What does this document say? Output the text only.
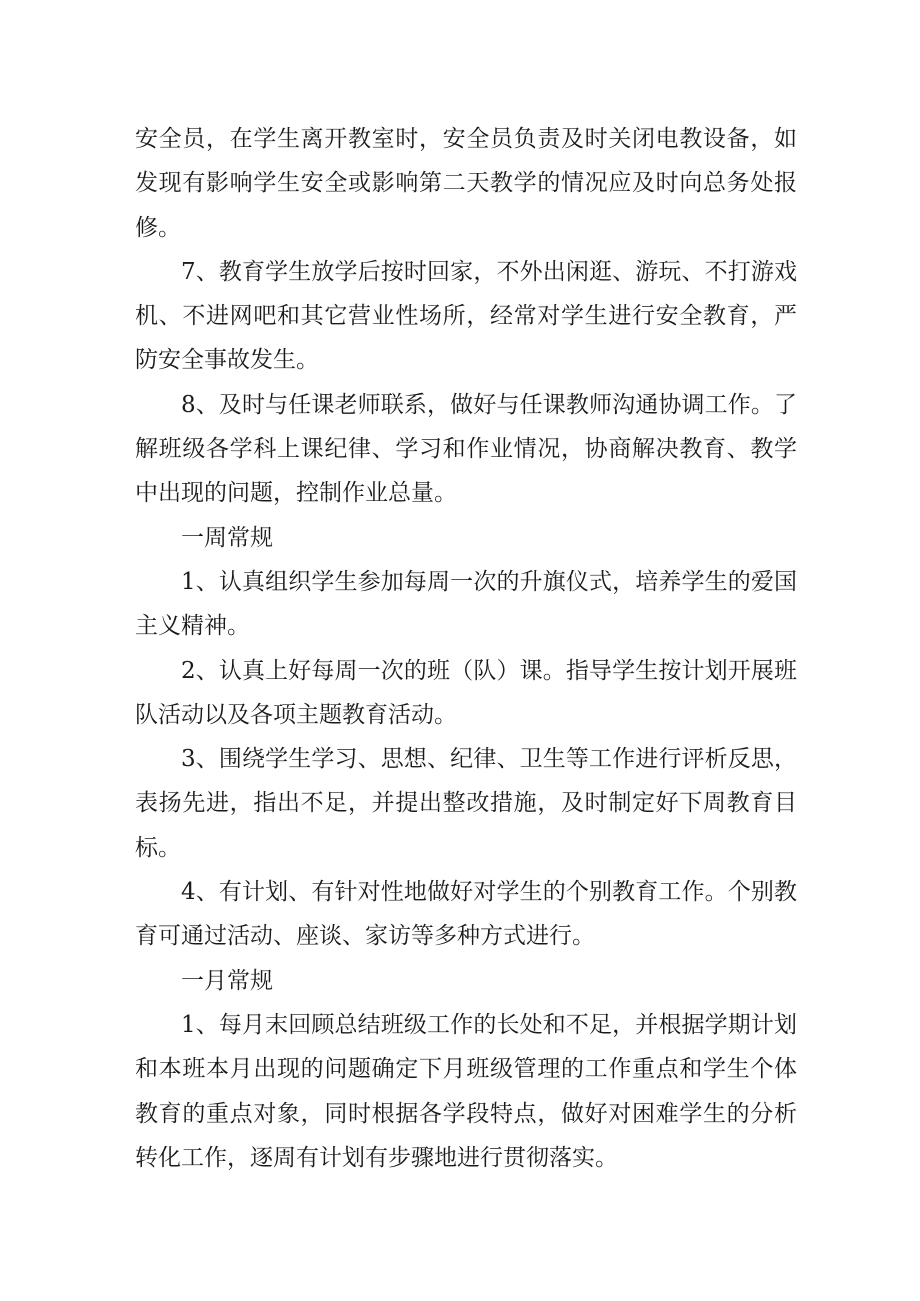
安全员，在学生离开教室时，安全员负责及时关闭电教设备，如发现有影响学生安全或影响第二天教学的情况应及时向总务处报修。

7、教育学生放学后按时回家，不外出闲逛、游玩、不打游戏机、不进网吧和其它营业性场所，经常对学生进行安全教育，严防安全事故发生。

8、及时与任课老师联系，做好与任课教师沟通协调工作。了解班级各学科上课纪律、学习和作业情况，协商解决教育、教学中出现的问题，控制作业总量。

一周常规

1、认真组织学生参加每周一次的升旗仪式，培养学生的爱国主义精神。

2、认真上好每周一次的班（队）课。指导学生按计划开展班队活动以及各项主题教育活动。

3、围绕学生学习、思想、纪律、卫生等工作进行评析反思，表扬先进，指出不足，并提出整改措施，及时制定好下周教育目标。

4、有计划、有针对性地做好对学生的个别教育工作。个别教育可通过活动、座谈、家访等多种方式进行。

一月常规

1、每月末回顾总结班级工作的长处和不足，并根据学期计划和本班本月出现的问题确定下月班级管理的工作重点和学生个体教育的重点对象，同时根据各学段特点，做好对困难学生的分析转化工作，逐周有计划有步骤地进行贯彻落实。
